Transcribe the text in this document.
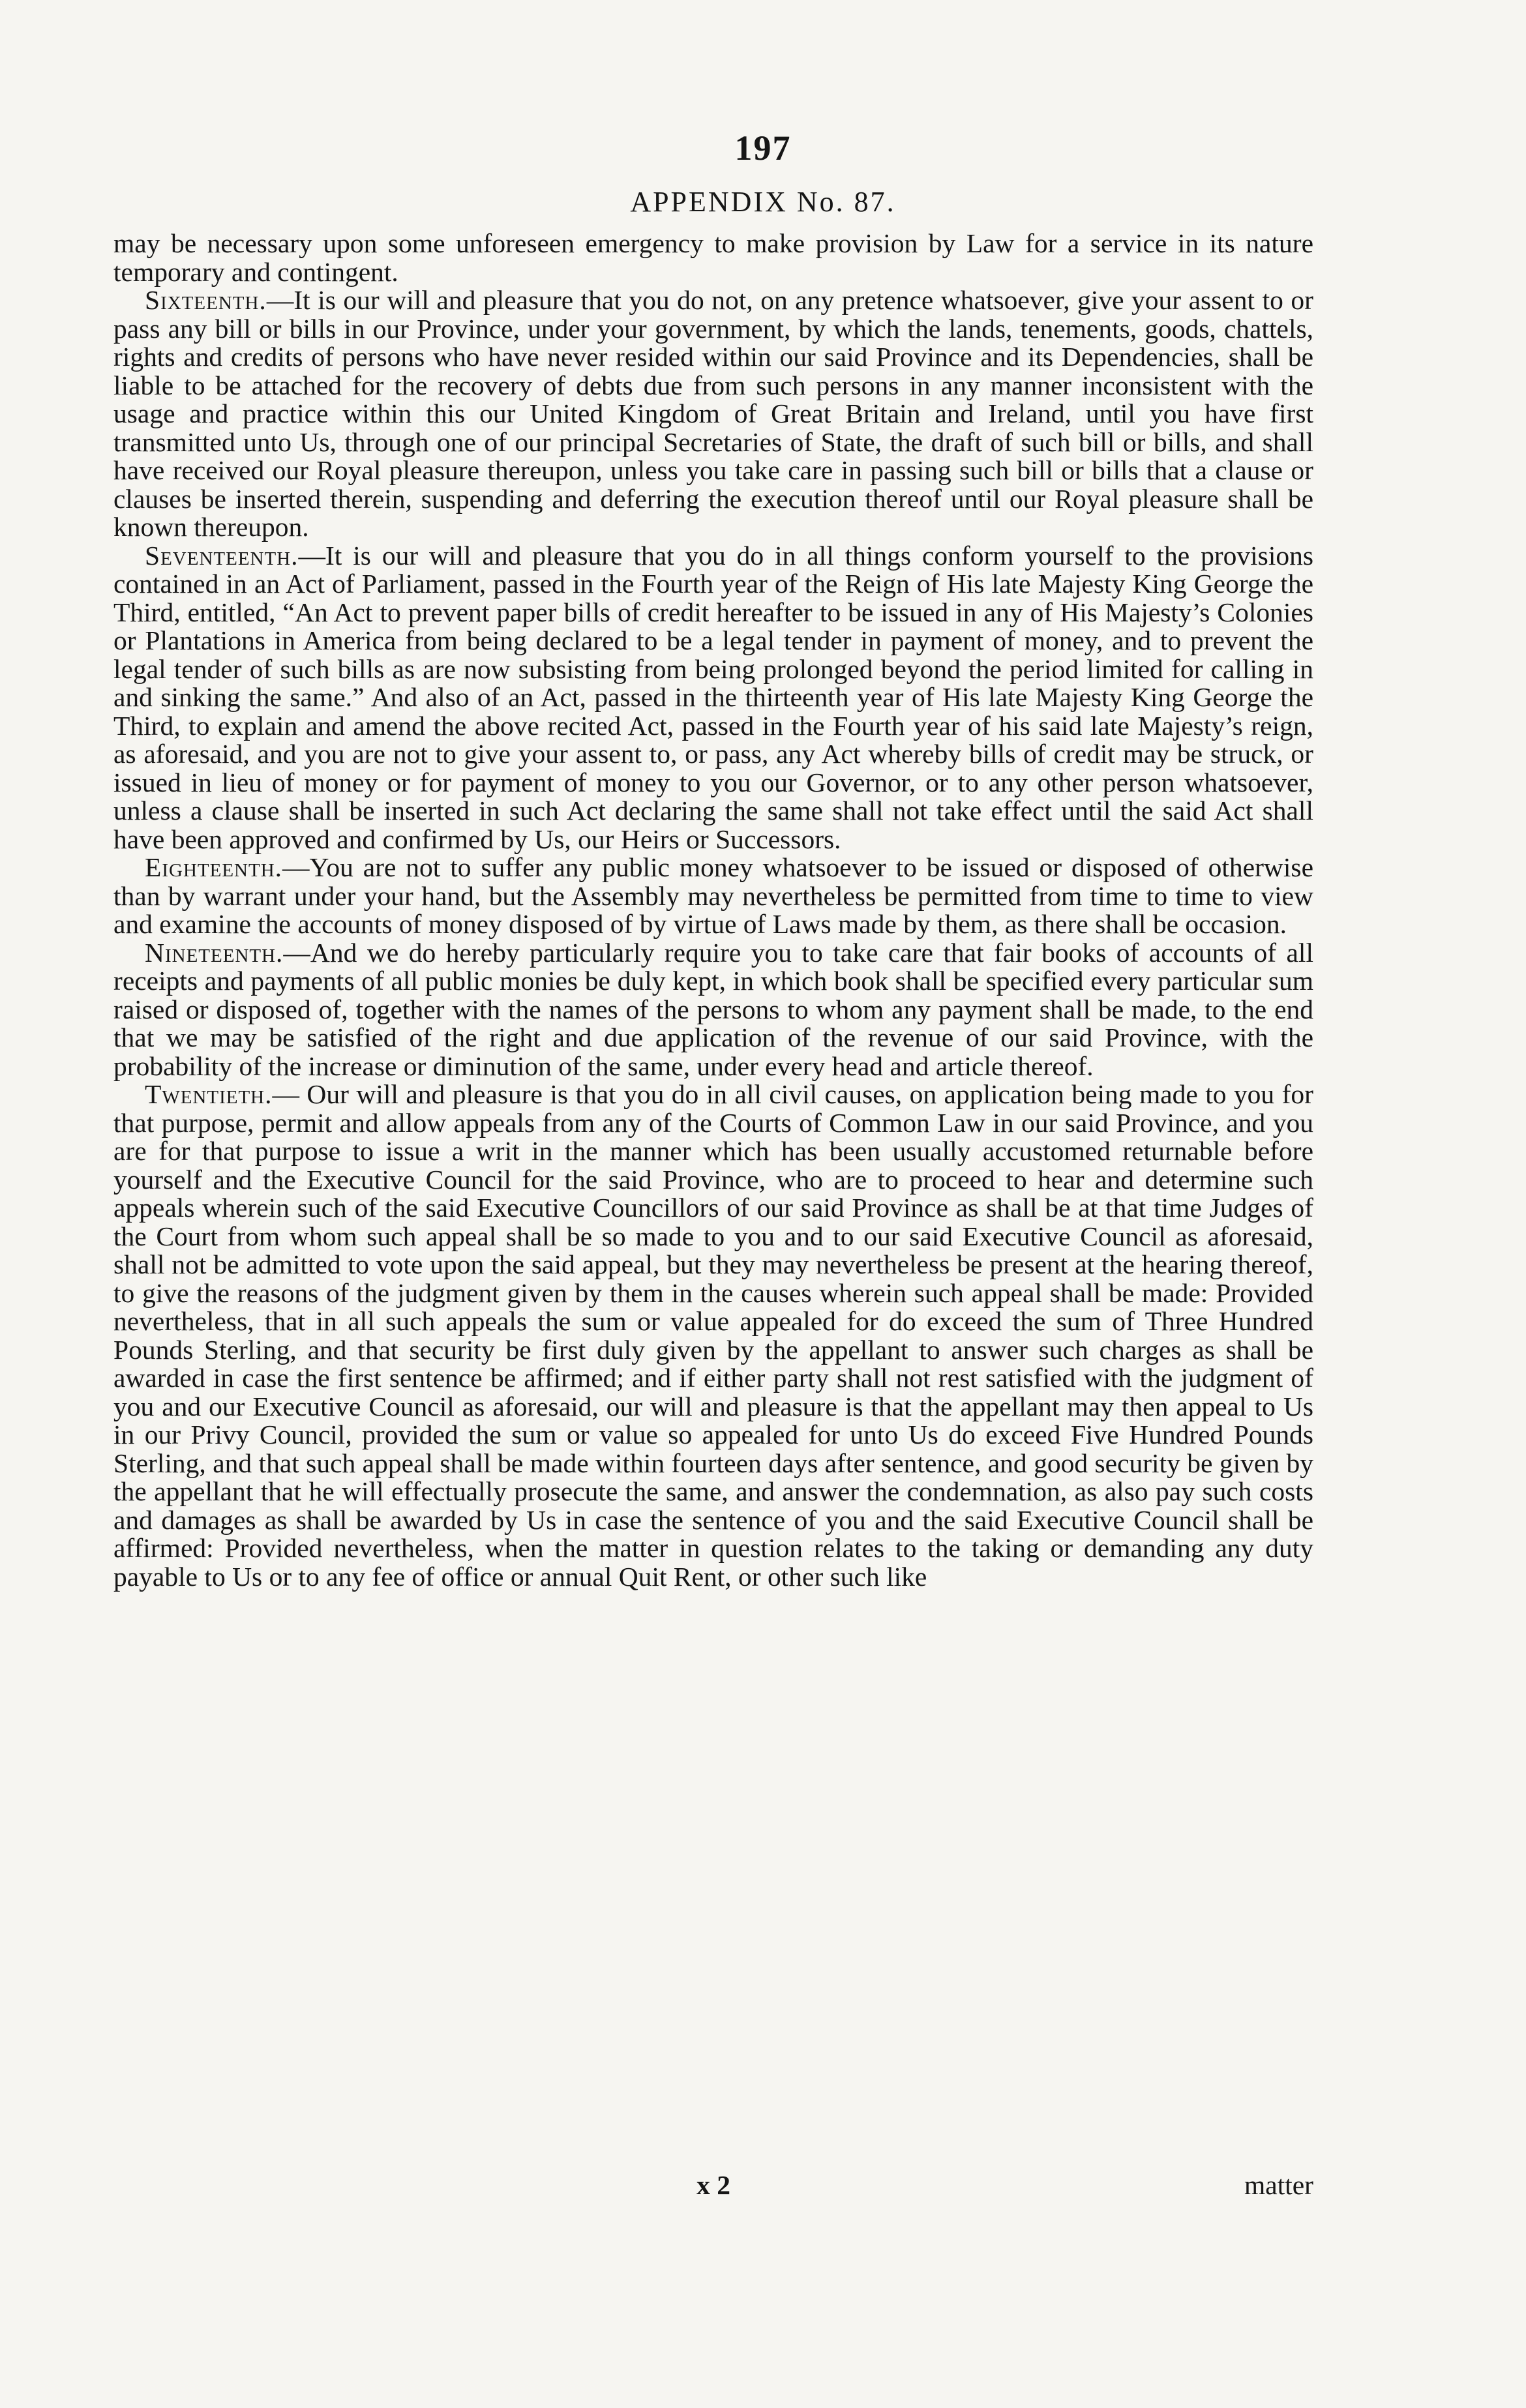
197
APPENDIX No. 87.

may be necessary upon some unforeseen emergency to make provision by Law for a service in its nature temporary and contingent.

Sixteenth.—It is our will and pleasure that you do not, on any pretence whatsoever, give your assent to or pass any bill or bills in our Province, under your government, by which the lands, tenements, goods, chattels, rights and credits of persons who have never resided within our said Province and its Dependencies, shall be liable to be attached for the recovery of debts due from such persons in any manner inconsistent with the usage and practice within this our United Kingdom of Great Britain and Ireland, until you have first transmitted unto Us, through one of our principal Secretaries of State, the draft of such bill or bills, and shall have received our Royal pleasure thereupon, unless you take care in passing such bill or bills that a clause or clauses be inserted therein, suspending and deferring the execution thereof until our Royal pleasure shall be known thereupon.

Seventeenth.—It is our will and pleasure that you do in all things conform yourself to the provisions contained in an Act of Parliament, passed in the Fourth year of the Reign of His late Majesty King George the Third, entitled, “An Act to prevent paper bills of credit hereafter to be issued in any of His Majesty’s Colonies or Plantations in America from being declared to be a legal tender in payment of money, and to prevent the legal tender of such bills as are now subsisting from being prolonged beyond the period limited for calling in and sinking the same.” And also of an Act, passed in the thirteenth year of His late Majesty King George the Third, to explain and amend the above recited Act, passed in the Fourth year of his said late Majesty’s reign, as aforesaid, and you are not to give your assent to, or pass, any Act whereby bills of credit may be struck, or issued in lieu of money or for payment of money to you our Governor, or to any other person whatsoever, unless a clause shall be inserted in such Act declaring the same shall not take effect until the said Act shall have been approved and confirmed by Us, our Heirs or Successors.

Eighteenth.—You are not to suffer any public money whatsoever to be issued or disposed of otherwise than by warrant under your hand, but the Assembly may nevertheless be permitted from time to time to view and examine the accounts of money disposed of by virtue of Laws made by them, as there shall be occasion.

Nineteenth.—And we do hereby particularly require you to take care that fair books of accounts of all receipts and payments of all public monies be duly kept, in which book shall be specified every particular sum raised or disposed of, together with the names of the persons to whom any payment shall be made, to the end that we may be satisfied of the right and due application of the revenue of our said Province, with the probability of the increase or diminution of the same, under every head and article thereof.

Twentieth.— Our will and pleasure is that you do in all civil causes, on application being made to you for that purpose, permit and allow appeals from any of the Courts of Common Law in our said Province, and you are for that purpose to issue a writ in the manner which has been usually accustomed returnable before yourself and the Executive Council for the said Province, who are to proceed to hear and determine such appeals wherein such of the said Executive Councillors of our said Province as shall be at that time Judges of the Court from whom such appeal shall be so made to you and to our said Executive Council as aforesaid, shall not be admitted to vote upon the said appeal, but they may nevertheless be present at the hearing thereof, to give the reasons of the judgment given by them in the causes wherein such appeal shall be made: Provided nevertheless, that in all such appeals the sum or value appealed for do exceed the sum of Three Hundred Pounds Sterling, and that security be first duly given by the appellant to answer such charges as shall be awarded in case the first sentence be affirmed; and if either party shall not rest satisfied with the judgment of you and our Executive Council as aforesaid, our will and pleasure is that the appellant may then appeal to Us in our Privy Council, provided the sum or value so appealed for unto Us do exceed Five Hundred Pounds Sterling, and that such appeal shall be made within fourteen days after sentence, and good security be given by the appellant that he will effectually prosecute the same, and answer the condemnation, as also pay such costs and damages as shall be awarded by Us in case the sentence of you and the said Executive Council shall be affirmed: Provided nevertheless, when the matter in question relates to the taking or demanding any duty payable to Us or to any fee of office or annual Quit Rent, or other such like

x 2	matter
